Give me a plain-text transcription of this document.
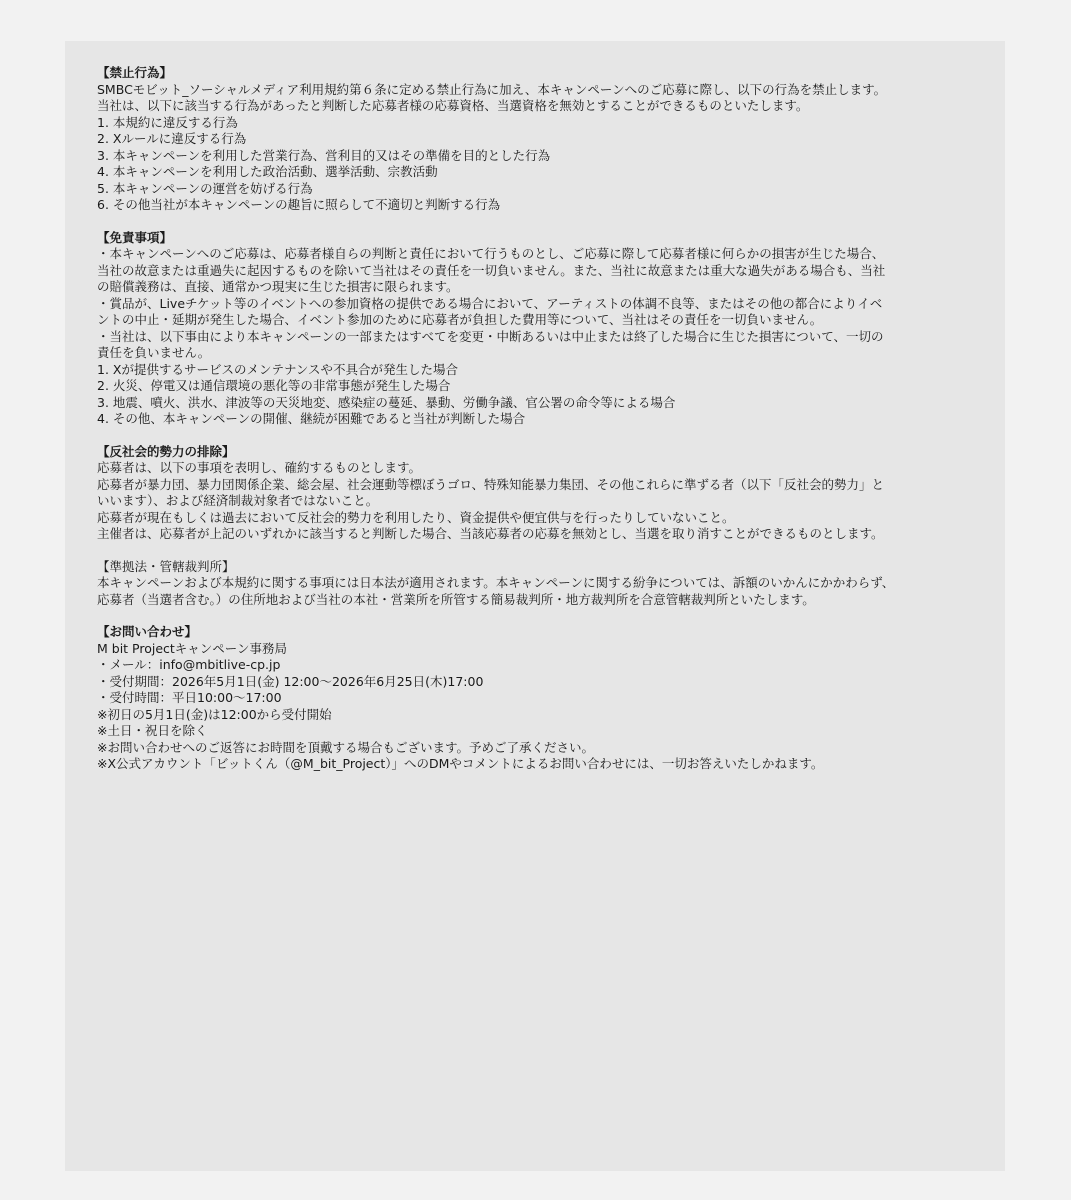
【禁止行為】

SMBCモビット_ソーシャルメディア利用規約第６条に定める禁止行為に加え、本キャンペーンへのご応募に際し、以下の行為を禁止します。

当社は、以下に該当する行為があったと判断した応募者様の応募資格、当選資格を無効とすることができるものといたします。

1. 本規約に違反する行為

2. Xルールに違反する行為

3. 本キャンペーンを利用した営業行為、営利目的又はその準備を目的とした行為

4. 本キャンペーンを利用した政治活動、選挙活動、宗教活動

5. 本キャンペーンの運営を妨げる行為

6. その他当社が本キャンペーンの趣旨に照らして不適切と判断する行為

【免責事項】

・本キャンペーンへのご応募は、応募者様自らの判断と責任において行うものとし、ご応募に際して応募者様に何らかの損害が生じた場合、

当社の故意または重過失に起因するものを除いて当社はその責任を一切負いません。また、当社に故意または重大な過失がある場合も、当社

の賠償義務は、直接、通常かつ現実に生じた損害に限られます。

・賞品が、Liveチケット等のイベントへの参加資格の提供である場合において、アーティストの体調不良等、またはその他の都合によりイベ

ントの中止・延期が発生した場合、イベント参加のために応募者が負担した費用等について、当社はその責任を一切負いません。

・当社は、以下事由により本キャンペーンの一部またはすべてを変更・中断あるいは中止または終了した場合に生じた損害について、一切の

責任を負いません。

1. Xが提供するサービスのメンテナンスや不具合が発生した場合

2. 火災、停電又は通信環境の悪化等の非常事態が発生した場合

3. 地震、噴火、洪水、津波等の天災地変、感染症の蔓延、暴動、労働争議、官公署の命令等による場合

4. その他、本キャンペーンの開催、継続が困難であると当社が判断した場合

【反社会的勢力の排除】

応募者は、以下の事項を表明し、確約するものとします。

応募者が暴力団、暴力団関係企業、総会屋、社会運動等標ぼうゴロ、特殊知能暴力集団、その他これらに準ずる者（以下「反社会的勢力」と

いいます）、および経済制裁対象者ではないこと。

応募者が現在もしくは過去において反社会的勢力を利用したり、資金提供や便宜供与を行ったりしていないこと。

主催者は、応募者が上記のいずれかに該当すると判断した場合、当該応募者の応募を無効とし、当選を取り消すことができるものとします。

【準拠法・管轄裁判所】

本キャンペーンおよび本規約に関する事項には日本法が適用されます。本キャンペーンに関する紛争については、訴額のいかんにかかわらず、

応募者（当選者含む。）の住所地および当社の本社・営業所を所管する簡易裁判所・地方裁判所を合意管轄裁判所といたします。

【お問い合わせ】

M bit Projectキャンペーン事務局

・メール：info@mbitlive-cp.jp

・受付期間：2026年5月1日(金) 12:00〜2026年6月25日(木)17:00

・受付時間：平日10:00〜17:00

※初日の5月1日(金)は12:00から受付開始

※土日・祝日を除く

※お問い合わせへのご返答にお時間を頂戴する場合もございます。予めご了承ください。

※X公式アカウント「ビットくん（@M_bit_Project）」へのDMやコメントによるお問い合わせには、一切お答えいたしかねます。
